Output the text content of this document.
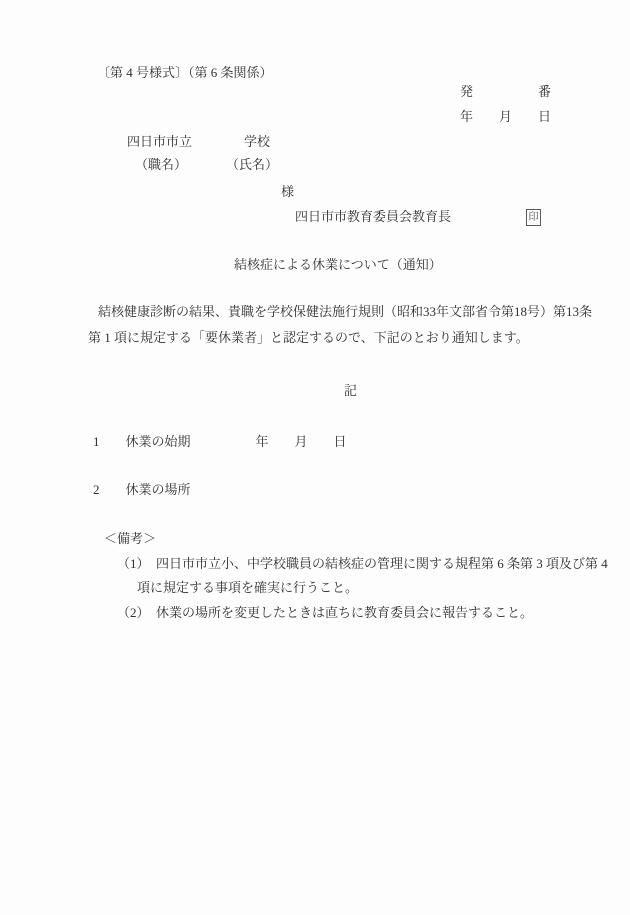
〔第 4 号様式〕（第 6 条関係）
発　　　　　番
年　　月　　日
四日市市立　　　　学校
（職名）　　　　（氏名）
様
四日市市教育委員会教育長	印
結核症による休業について（通知）
結核健康診断の結果、貴職を学校保健法施行規則（昭和33年文部省令第18号）第13条
第 1 項に規定する「要休業者」と認定するので、下記のとおり通知します。
記
1　　休業の始期　　　　　年　　月　　日
2　　休業の場所
＜備考＞
（1）　四日市市立小、中学校職員の結核症の管理に関する規程第 6 条第 3 項及び第 4
項に規定する事項を確実に行うこと。
（2）　休業の場所を変更したときは直ちに教育委員会に報告すること。
